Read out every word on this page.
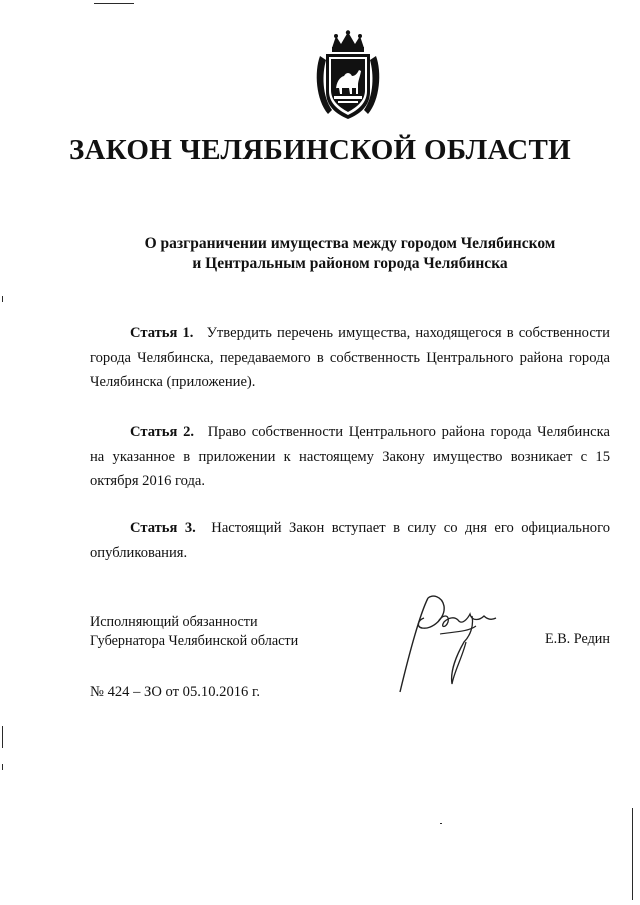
ЗАКОН ЧЕЛЯБИНСКОЙ ОБЛАСТИ
О разграничении имущества между городом Челябинском
и Центральным районом города Челябинска
Статья 1. Утвердить перечень имущества, находящегося в собственности города Челябинска, передаваемого в собственность Центрального района города Челябинска (приложение).
Статья 2. Право собственности Центрального района города Челябинска на указанное в приложении к настоящему Закону имущество возникает с 15 октября 2016 года.
Статья 3. Настоящий Закон вступает в силу со дня его официального опубликования.
Исполняющий обязанности
Губернатора Челябинской области	Е.В. Редин
№ 424 – ЗО от 05.10.2016 г.
